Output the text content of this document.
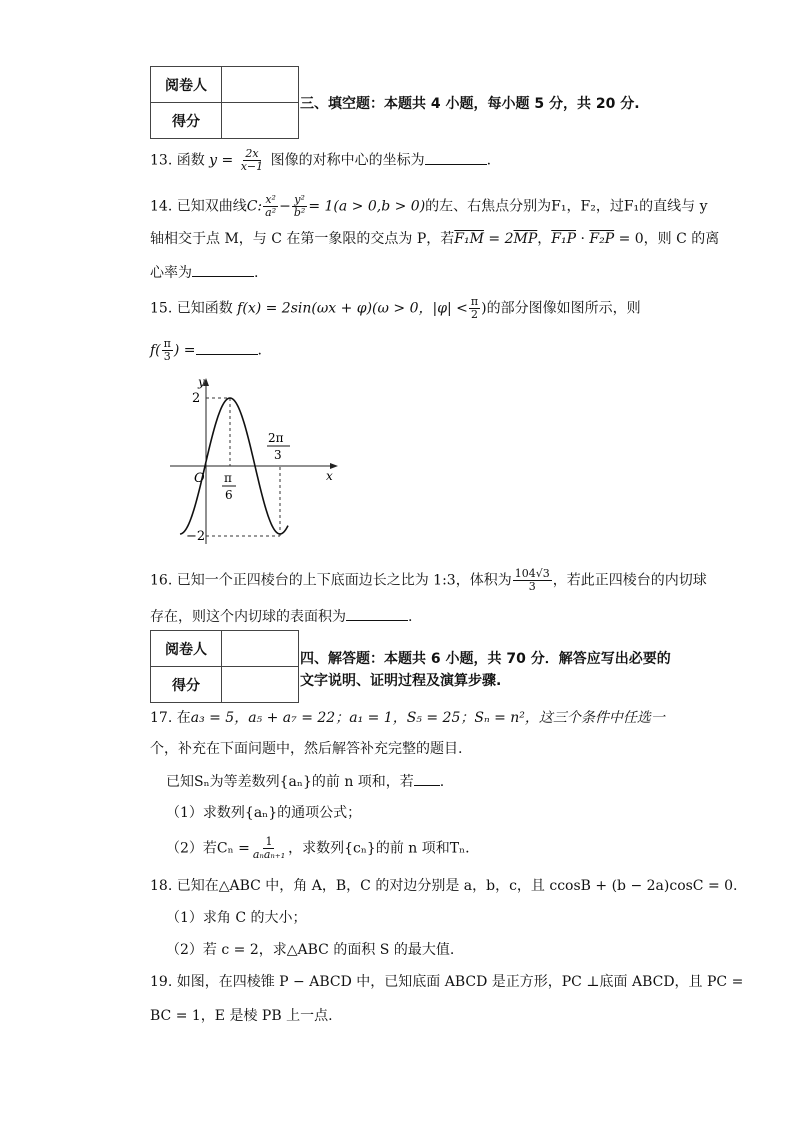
阅卷人	
得分	
三、填空题：本题共 4 小题，每小题 5 分，共 20 分.
13. 函数 $y = \frac{2x}{x-1}$ 图像的对称中心的坐标为	.
14. 已知双曲线C: $\frac{\text{x²}}{\text{a²}} - \frac{\text{y²}}{\text{b²}} = 1(a > 0,b > 0)$的左、右焦点分别为F₁，F₂，过F₁的直线与 y
轴相交于点 M，与 C 在第一象限的交点为 P，若$F_1M = 2\overline{MP}$，F₁P · F₂P = 0，则 C 的离
心率为	.
15. 已知函数 f(x) = 2sin(ωx + φ)(ω > 0，$|\varphi| < \frac{\pi}{2}$ )的部分图像如图所示，则
$f( \frac{\pi}{3}$ ) =	.
y
x
O
2
−2
π
6
2π
3
16. 已知一个正四棱台的上下底面边长之比为 1:3，体积为 $\frac{104√3}{3}$ ，若此正四棱台的内切球
存在，则这个内切球的表面积为	.
阅卷人	
得分	
四、解答题：本题共 6 小题，共 70 分．解答应写出必要的文字说明、证明过程及演算步骤.
17. 在a₃ = 5，a₅ + a₇ = 22；a₁ = 1，S₅ = 25；Sₙ = n²，这三个条件中任选一
个，补充在下面问题中，然后解答补充完整的题目.
已知Sₙ为等差数列{aₙ}的前 n 项和，若 .
（1）求数列{aₙ}的通项公式；
（2）若$C_n = \frac{1}{\text{aₙaₙ₊₁}}$ ，求数列{cₙ}的前 n 项和Tₙ.
18. 已知在△ABC 中，角 A，B，C 的对边分别是 a，b，c，且 ccosB + (b − 2a)cosC = 0.
（1）求角 C 的大小；
（2）若 c = 2，求△ABC 的面积 S 的最大值.
19. 如图，在四棱锥 P − ABCD 中，已知底面 ABCD 是正方形，PC ⊥底面 ABCD，且 PC =
BC = 1，E 是棱 PB 上一点.
